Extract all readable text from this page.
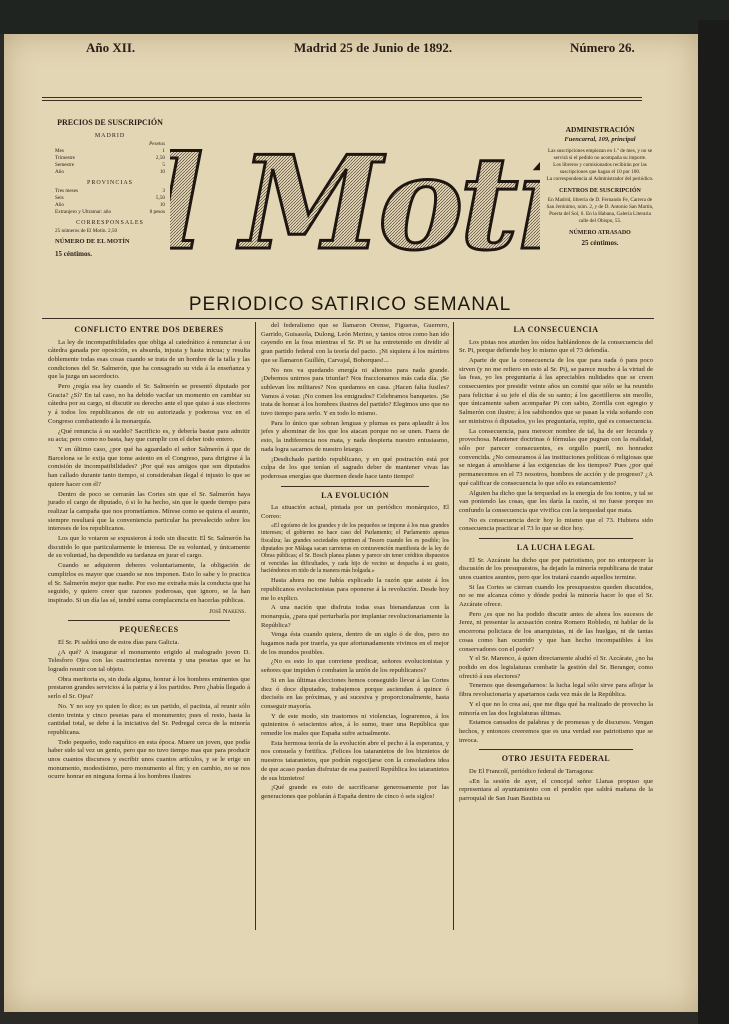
Año XII.	Madrid 25 de Junio de 1892.	Número 26.
PRECIOS DE SUSCRIPCIÓN
MADRID
Pesetas
Mes	1
Trimestre	2,50
Semestre	5
Año	10
PROVINCIAS
Tres meses	3
Seis	5,50
Año	10
Extranjero y Ultramar: año	8 pesos
CORRESPONSALES
25 números de El Motín. 2,50
NÚMERO DE EL MOTÍN
15 céntimos.
ADMINISTRACIÓN
Fuencarral, 109, principal
Las suscripciones empiezan en 1.º de mes, y no se servirá si el pedido no acompaña su importe.
Los libreros y comisionados recibirán por las suscripciones que hagan el 10 por 100.
La correspondencia al Administrador del periódico.
CENTROS DE SUSCRIPCIÓN
En Madrid, librería de D. Fernando Fe, Carrera de San Jerónimo, núm. 2, y de D. Antonio San Martín, Puerta del Sol, 6. En la Habana, Galería Literaria calle del Obispo, 55.
NÚMERO ATRASADO
25 céntimos.
Mot
PERIODICO SATIRICO SEMANAL
CONFLICTO ENTRE DOS DEBERES

La ley de incompatibilidades que obliga al catedrático á renunciar á su cátedra ganada por oposición, es absurda, injusta y hasta inicua; y resulta doblemente todas esas cosas cuando se trata de un hombre de la talla y las condiciones del Sr. Salmerón, que ha consagrado su vida á la enseñanza y que la juzga un sacerdocio.

Pero ¿regía esa ley cuando el Sr. Salmerón se presentó diputado por Gracia? ¿Sí? En tal caso, no ha debido vacilar un momento en cambiar su cátedra por su cargo, ni discutir su derecho ante el que quiso á sus electores y á todos los republicanos de oir su autorizada y poderosa voz en el Congreso combatiendo á la monarquía.

¿Qué renuncia á su sueldo? Sacrificio es, y debería bastar para admitir su acta; pero como no basta, hay que cumplir con el deber todo entero.

Y en último caso, ¿por qué ha aguardado el señor Salmerón á que de Barcelona se le exija que tome asiento en el Congreso, para dirigirse á la comisión de incompatibilidades? ¡Por qué sus amigos que son diputados han callado durante tanto tiempo, si consideraban ilegal é injusto lo que se quiere hacer con él?

Dentro de poco se cerrarán las Cortes sin que el Sr. Salmerón haya jurado el cargo de diputado, ó si lo ha hecho, sin que le quede tiempo para realizar la campaña que nos prometíamos. Mírese como se quiera el asunto, siempre resultará que la conveniencia particular ha prevalecido sobre los intereses de los republicanos.

Los que lo votaron se expusieron á todo sin discutir. El Sr. Salmerón ha discutido lo que particularmente le interesa. De su voluntad, y únicamente de su voluntad, ha dependido su tardanza en jurar el cargo.

Cuando se adquieren deberes voluntariamente, la obligación de cumplirlos es mayor que cuando se nos imponen. Esto lo sabe y lo practica el Sr. Salmerón mejor que nadie. Por eso me extraña más la conducta que ha seguido, y quiero creer que razones poderosas, que ignoro, se la han inspirado. Si un día las sé, tendré suma complacencia en hacerlas públicas.

José Nakens.

PEQUEÑECES

El Sr. Pi saldrá uno de estos días para Galicia.

¿A qué? A inaugurar el monumento erigido al malogrado joven D. Telesforo Ojea con las cuatrocientas noventa y una pesetas que se ha logrado reunir con tal objeto.

Obra meritoria es, sin duda alguna, honrar á los hombres eminentes que prestaron grandes servicios á la patria y á los partidos. Pero ¿había llegado á serlo el Sr. Ojea?

No. Y no soy yo quien lo dice; es un partido, el pactista, al reunir sólo ciento treinta y cinco pesetas para el monumento; pues el resto, hasta la cantidad total, se debe á la iniciativa del Sr. Pedregal cerca de la minoría republicana.

Todo pequeño, todo raquítico en esta época. Muere un joven, que podía haber sido tal vez un genio, pero que no tuvo tiempo mas que para producir unos cuantos discursos y escribir unos cuantos artículos, y se le erige un monumento, modestísimo, pero monumento al fin; y en cambio, no se nos ocurre honrar en ninguna forma á los hombres ilustres

del federalismo que se llamaron Orense, Figueras, Guerrero, Garrido, Guisasola, Dulong, León Merino, y tantos otros como han ido cayendo en la fosa mientras el Sr. Pi se ha entretenido en dividir al gran partido federal con la teoría del pacto. ¡Ni siquiera á los mártires que se llamaron Guillén, Carvajal, Bohorques!...

No nos va quedando energía ni alientos para nada grande. ¡Debemos unirnos para triunfar? Nos fraccionamos más cada día. ¡Se sublevan los militares? Nos quedamos en casa. ¡Hacen falta fusiles? Vamos á votar. ¡No comen los emigrados? Celebramos banquetes. ¡Se trata de honrar á los hombres ilustres del partido? Elegimos uno que no tuvo tiempo para serlo. Y en todo lo mismo.

Para lo único que sobran lenguas y plumas es para aplaudir á los jefes y abominar de los que los atacan porque no se unen. Fuera de esto, la indiferencia nos mata, y nada despierta nuestro entusiasmo, nada logra sacarnos de nuestro letargo.

¡Desdichado partido republicano, y en qué postración está por culpa de los que tenían el sagrado deber de mantener vivas las poderosas energías que duermen desde hace tanto tiempo!

LA EVOLUCIÓN

La situación actual, pintada por un periódico monárquico, El Correo:

«El egoísmo de los grandes y de los pequeños se impone á los mas grandes intereses; el gobierno no hace caso del Parlamento; el Parlamento apenas fiscaliza; las grandes sociedades oprimen al Tesoro cuando les es posible; los diputados por Málaga sacan carreteras en contravención manifiesta de la ley de Obras públicas; el Sr. Bosch planea planes y parece sin tener créditos dispuestos ni vencidas las dificultades, y cada hijo de vecino se despacha á su gusto, haciéndonos en nido de la manera más holgada.»

Hasta ahora no me había explicado la razón que asiste á los republicanos evolucionistas para oponerse á la revolución. Desde hoy me lo explico.

A una nación que disfruta todas esas bienandanzas con la monarquía, ¿para qué perturbarla por implantar revolucionariamente la República?

Venga ésta cuando quiera, dentro de un siglo ó de dos, pero no hagamos nada por traerla, ya que afortunadamente vivimos en el mejor de los mundos posibles.

¿No es esto lo que conviene predicar, señores evolucionistas y señores que impiden ó combaten la unión de los republicanos?

Si en las últimas elecciones hemos conseguido llevar á las Cortes diez ó doce diputados, trabajemos porque asciendan á quince ó dieciséis en las próximas, y así sucesiva y proporcionalmente, hasta conseguir mayoría.

Y de este modo, sin trastornos ni violencias, lograremos, á los quinientos ó seiscientos años, á lo sumo, traer una República que remedie los males que España sufre actualmente.

Esta hermosa teoría de la evolución abre el pecho á la esperanza, y nos consuela y fortifica. ¡Felices los tataranietos de los biznietos de nuestros tataranietos, que podrán regocijarse con la consoladora idea de que acaso puedan disfrutar de esa pastoril República los tataranietos de sus biznietos!

¡Qué grande es esto de sacrificarse generosamente por las generaciones que poblarán á España dentro de cinco ó seis siglos!

LA CONSECUENCIA

Los pistas nos aturden los oídos hablándonos de la consecuencia del Sr. Pi, porque defiende hoy lo mismo que el 73 defendía.

Aparte de que la consecuencia de los que para nada ó para poco sirven (y no me refiero en esto al Sr. Pi), se parece mucho á la virtud de las feas, yo les preguntaría á las apreciables nulidades que se creen consecuentes por presidir veinte años un comité que sólo se ha reunido para felicitar á su jefe el día de su santo; á los gacetilleros sin meollo, que únicamente saben acompañar Pi con sabio, Zorrilla con egregio y Salmerón con ilustre; á los sabihondos que se pasan la vida soñando con ser ministros ó diputados, yo les preguntaría, repito, qué es consecuencia.

La consecuencia, para merecer nombre de tal, ha de ser fecunda y provechosa. Mantener doctrinas ó fórmulas que pugnan con la realidad, sólo por parecer consecuentes, es orgullo pueril, no honradez convencida. ¿No censuramos á las instituciones políticas ó religiosas que se niegan á amoldarse á las exigencias de los tiempos? Pues ¿por qué permanecemos en el 73 nosotros, hombres de acción y de progreso? ¿A qué calificar de consecuencia lo que sólo es estancamiento?

Alguien ha dicho que la terquedad es la energía de los tontos, y tal se van poniendo las cosas, que les daría la razón, si no fuese porque no confundo la consecuencia que vivifica con la terquedad que mata.

No es consecuencia decir hoy lo mismo que el 73. Hubiera sido consecuencia practicar el 73 lo que se dice hoy.

LA LUCHA LEGAL

El Sr. Azcárate ha dicho que por patriotismo, por no entorpecer la discusión de los presupuestos, ha dejado la minoría republicana de tratar unos cuantos asuntos, pero que los tratará cuando aquellos termine.

Si las Cortes se cierran cuando los presupuestos queden discutidos, no se me alcanza cómo y dónde podrá la minoría hacer lo que el Sr. Azcárate ofrece.

Pero ¿es que no ha podido discutir antes de ahora los sucesos de Jerez, ni presentar la acusación contra Romero Robledo, ni hablar de la encerrona policiaca de los anarquistas, ni de las huelgas, ni de tantas cosas como han ocurrido y que han hecho incompatibles á los conservadores con el poder?

Y el Sr. Marenco, á quien directamente aludió el Sr. Azcárate, ¿no ha podido en dos legislaturas combatir la gestión del Sr. Beranger, como ofreció á sus electores?

Tenemos que desengañarnos: la lucha legal sólo sirve para aflojar la fibra revolucionaria y apartarnos cada vez más de la República.

Y el que no lo crea así, que me diga qué ha realizado de provecho la minoría en las dos legislaturas últimas.

Estamos cansados de palabras y de promesas y de discursos. Vengan hechos, y entonces creeremos que es una verdad ese patriotismo que se invoca.

OTRO JESUITA FEDERAL

De El Francolí, periódico federal de Tarragona:

«En la sesión de ayer, el concejal señor Llanas propuso que representara al ayuntamiento con el pendón que saldrá mañana de la parroquial de San Juan Bautista su
